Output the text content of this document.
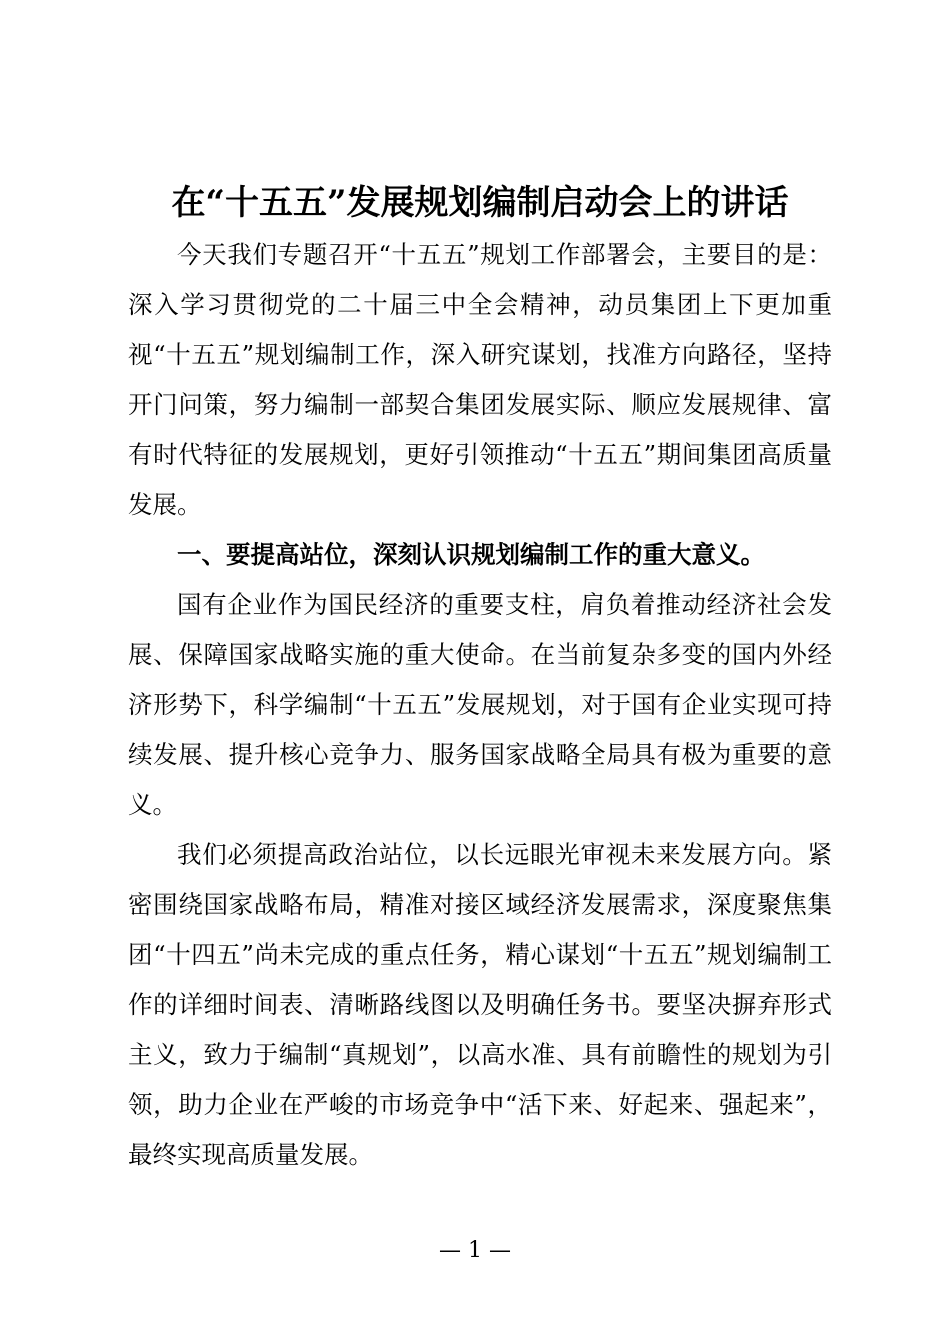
在“十五五”发展规划编制启动会上的讲话

今天我们专题召开“十五五”规划工作部署会，主要目的是：深入学习贯彻党的二十届三中全会精神，动员集团上下更加重视“十五五”规划编制工作，深入研究谋划，找准方向路径，坚持开门问策，努力编制一部契合集团发展实际、顺应发展规律、富有时代特征的发展规划，更好引领推动“十五五”期间集团高质量发展。

一、要提高站位，深刻认识规划编制工作的重大意义。

国有企业作为国民经济的重要支柱，肩负着推动经济社会发展、保障国家战略实施的重大使命。在当前复杂多变的国内外经济形势下，科学编制“十五五”发展规划，对于国有企业实现可持续发展、提升核心竞争力、服务国家战略全局具有极为重要的意义。

我们必须提高政治站位，以长远眼光审视未来发展方向。紧密围绕国家战略布局，精准对接区域经济发展需求，深度聚焦集团“十四五”尚未完成的重点任务，精心谋划“十五五”规划编制工作的详细时间表、清晰路线图以及明确任务书。要坚决摒弃形式主义，致力于编制“真规划”，以高水准、具有前瞻性的规划为引领，助力企业在严峻的市场竞争中“活下来、好起来、强起来”，最终实现高质量发展。

— 1 —
